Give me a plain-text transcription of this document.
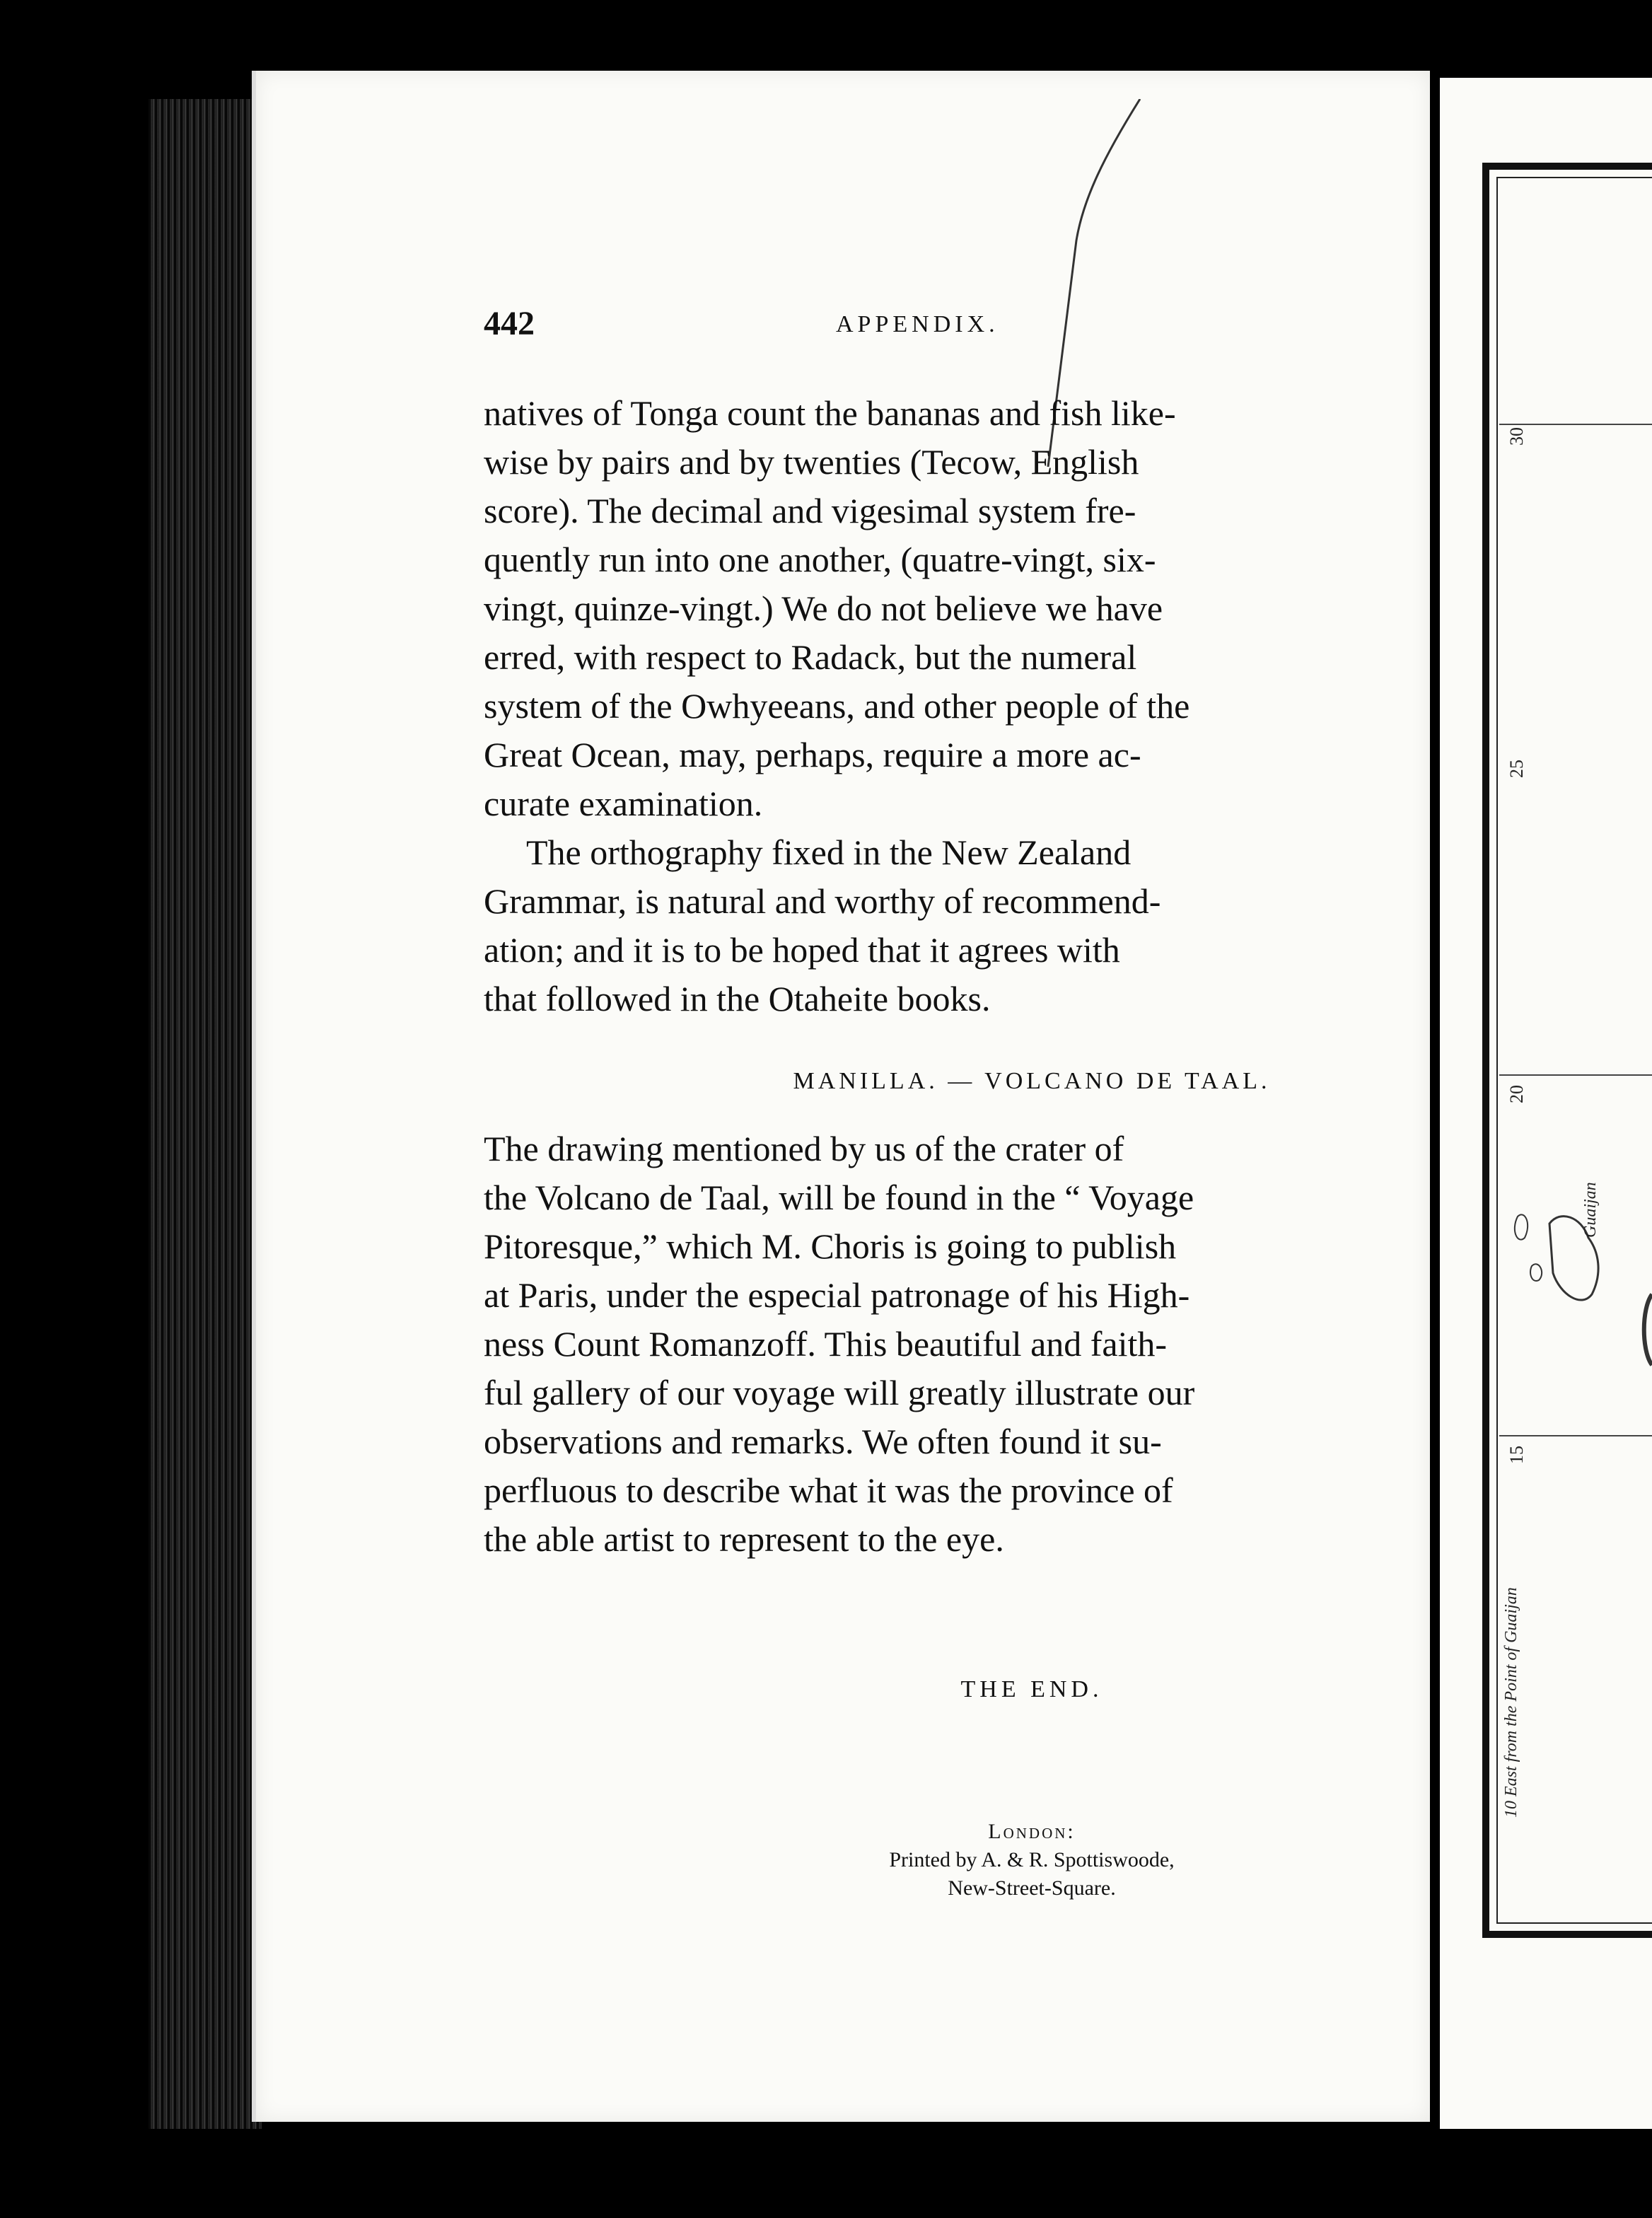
442	APPENDIX.

natives of Tonga count the bananas and fish like-

wise by pairs and by twenties (Tecow, English

score). The decimal and vigesimal system fre-

quently run into one another, (quatre-vingt, six-

vingt, quinze-vingt.) We do not believe we have

erred, with respect to Radack, but the numeral

system of the Owhyeeans, and other people of the

Great Ocean, may, perhaps, require a more ac-

curate examination.

The orthography fixed in the New Zealand

Grammar, is natural and worthy of recommend-

ation; and it is to be hoped that it agrees with

that followed in the Otaheite books.

MANILLA. — VOLCANO DE TAAL.

The drawing mentioned by us of the crater of

the Volcano de Taal, will be found in the “ Voyage

Pitoresque,” which M. Choris is going to publish

at Paris, under the especial patronage of his High-

ness Count Romanzoff. This beautiful and faith-

ful gallery of our voyage will greatly illustrate our

observations and remarks. We often found it su-

perfluous to describe what it was the province of

the able artist to represent to the eye.

THE END.
London:
Printed by A. & R. Spottiswoode,
New-Street-Square.
30
25
20
15
Guaijan
10 East from the Point of Guaijan
